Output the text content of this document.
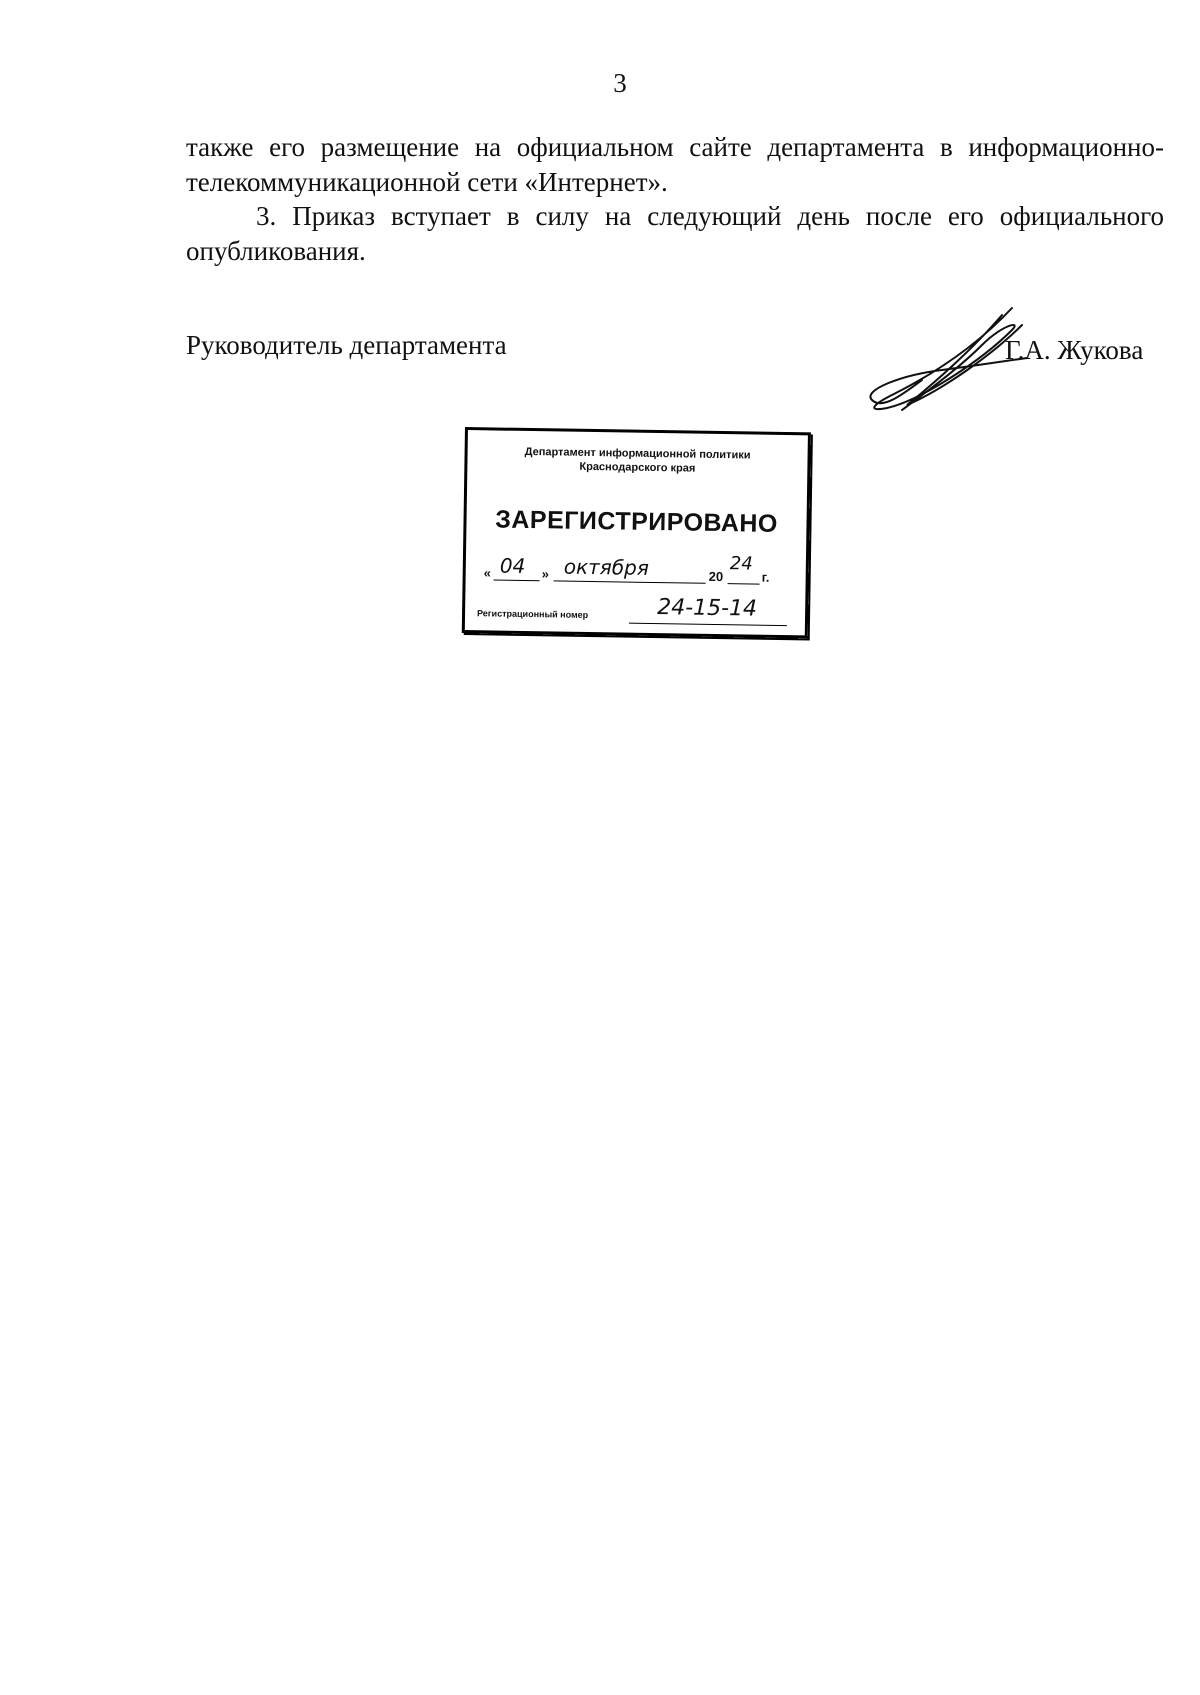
3

также его размещение на официальном сайте департамента в информационно-

телекоммуникационной сети «Интернет».

3. Приказ вступает в силу на следующий день после его официального опубликования.

Руководитель департамента	Г.А. Жукова
Департамент информационной политики
Краснодарского края
ЗАРЕГИСТРИРОВАНО
« 04 » октября	20
24
г.
Регистрационный номер	24-15-14
